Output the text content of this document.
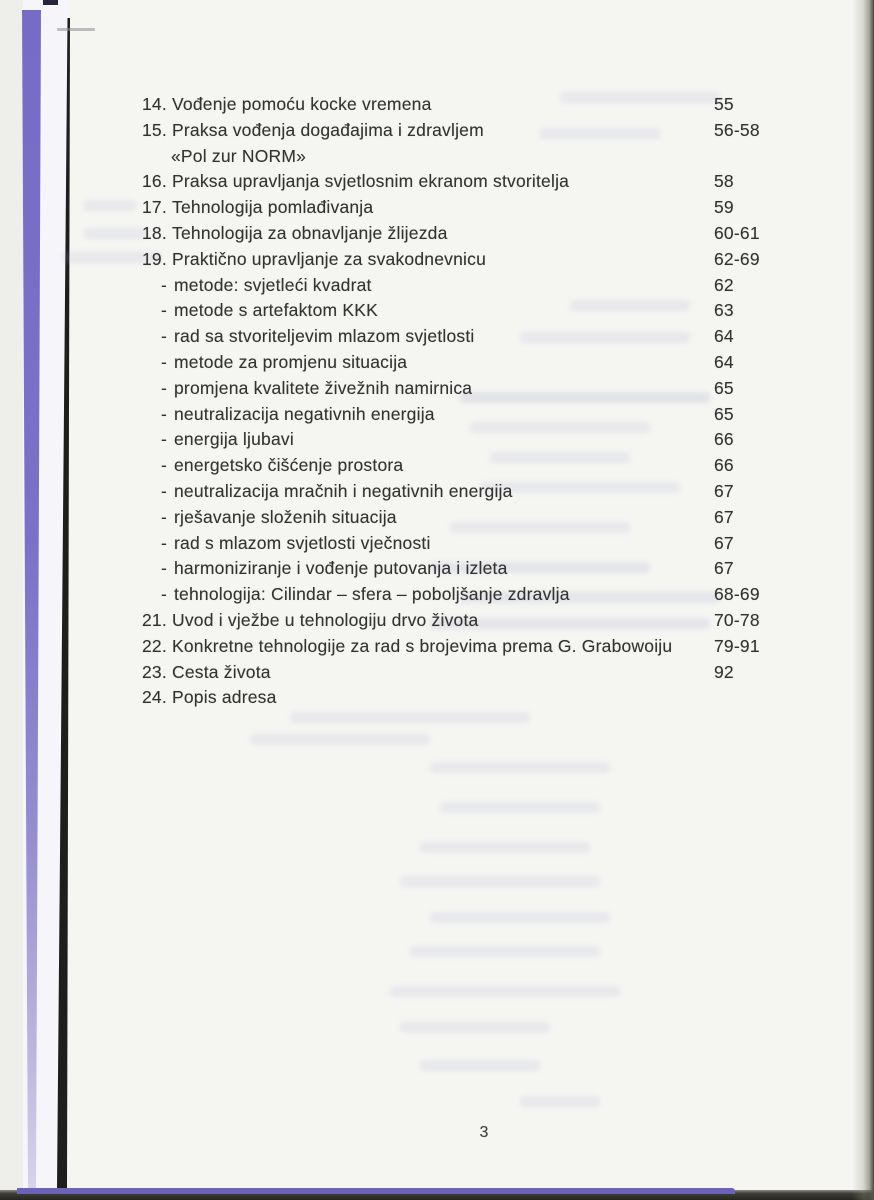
14. Vođenje pomoću kocke vremena	55
15. Praksa vođenja događajima i zdravljem	56-58
«Pol zur NORM»
16. Praksa upravljanja svjetlosnim ekranom stvoritelja	58
17. Tehnologija pomlađivanja	59
18. Tehnologija za obnavljanje žlijezda	60-61
19. Praktično upravljanje za svakodnevnicu	62-69
- metode: svjetleći kvadrat	62
- metode s artefaktom KKK	63
- rad sa stvoriteljevim mlazom svjetlosti	64
- metode za promjenu situacija	64
- promjena kvalitete živežnih namirnica	65
- neutralizacija negativnih energija	65
- energija ljubavi	66
- energetsko čišćenje prostora	66
- neutralizacija mračnih i negativnih energija	67
- rješavanje složenih situacija	67
- rad s mlazom svjetlosti vječnosti	67
- harmoniziranje i vođenje putovanja i izleta	67
- tehnologija: Cilindar – sfera – poboljšanje zdravlja	68-69
21. Uvod i vježbe u tehnologiju drvo života	70-78
22. Konkretne tehnologije za rad s brojevima prema G. Grabowoiju 79-91
23. Cesta života	92
24. Popis adresa
3
